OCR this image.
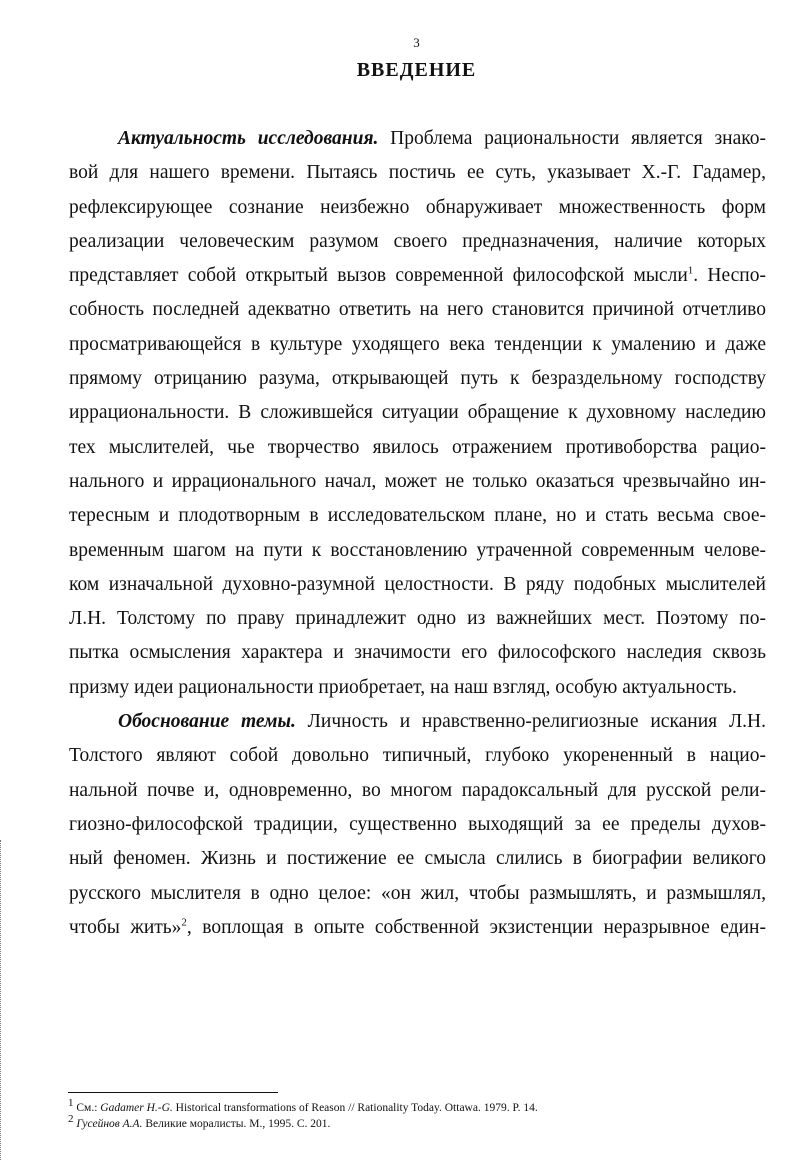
3
ВВЕДЕНИЕ
Актуальность исследования. Проблема рациональности является знако-
вой для нашего времени. Пытаясь постичь ее суть, указывает Х.-Г. Гадамер,
рефлексирующее сознание неизбежно обнаруживает множественность форм
реализации человеческим разумом своего предназначения, наличие которых
представляет собой открытый вызов современной философской мысли$^1$. Неспо-
собность последней адекватно ответить на него становится причиной отчетливо
просматривающейся в культуре уходящего века тенденции к умалению и даже
прямому отрицанию разума, открывающей путь к безраздельному господству
иррациональности. В сложившейся ситуации обращение к духовному наследию
тех мыслителей, чье творчество явилось отражением противоборства рацио-
нального и иррационального начал, может не только оказаться чрезвычайно ин-
тересным и плодотворным в исследовательском плане, но и стать весьма свое-
временным шагом на пути к восстановлению утраченной современным челове-
ком изначальной духовно-разумной целостности. В ряду подобных мыслителей
Л.Н. Толстому по праву принадлежит одно из важнейших мест. Поэтому по-
пытка осмысления характера и значимости его философского наследия сквозь
призму идеи рациональности приобретает, на наш взгляд, особую актуальность.
Обоснование темы. Личность и нравственно-религиозные искания Л.Н.
Толстого являют собой довольно типичный, глубоко укорененный в нацио-
нальной почве и, одновременно, во многом парадоксальный для русской рели-
гиозно-философской традиции, существенно выходящий за ее пределы духов-
ный феномен. Жизнь и постижение ее смысла слились в биографии великого
русского мыслителя в одно целое: «он жил, чтобы размышлять, и размышлял,
чтобы жить»$^2$, воплощая в опыте собственной экзистенции неразрывное един-
$^1$ См.: Gadamer H.-G. Historical transformations of Reason // Rationality Today. Ottawa. 1979. P. 14.
$^2$ Гусейнов А.А. Великие моралисты. М., 1995. С. 201.
